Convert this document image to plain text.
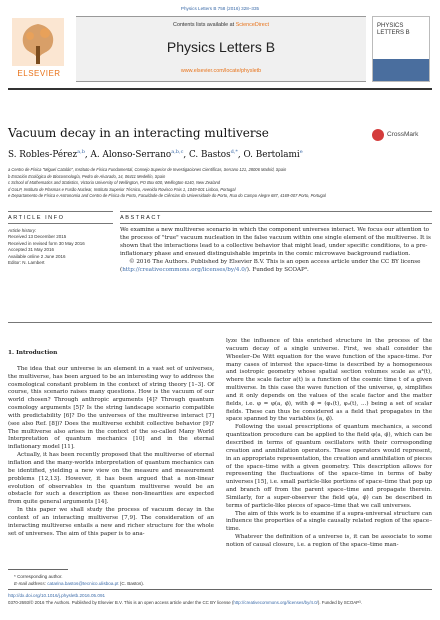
Physics Letters B 758 (2016) 328–335
ELSEVIER
Contents lists available at ScienceDirect
Physics Letters B
www.elsevier.com/locate/physletb
PHYSICS LETTERS B
Vacuum decay in an interacting multiverse	CrossMark
S. Robles-Pérez$^{a,b}$, A. Alonso-Serrano$^{a,b,c}$, C. Bastos$^{d,*}$, O. Bertolami$^e$
a Centro de Física "Miguel Catalán", Instituto de Física Fundamental, Consejo Superior de Investigaciones Científicas, Serrano 121, 28006 Madrid, Spain
b Estación Ecológica de Biocosmología, Pedro de Alvarado, 14, 06411 Medellín, Spain
c School of Mathematics and Statistics, Victoria University of Wellington, PO Box 600, Wellington 6140, New Zealand
d GoLP, Instituto de Plasmas e Fusão Nuclear, Instituto Superior Técnico, Avenida Rovisco Pais 1, 1049-001 Lisboa, Portugal
e Departamento de Física e Astronomia and Centro de Física do Porto, Faculdade de Ciências da Universidade do Porto, Rua do Campo Alegre 687, 4169-007 Porto, Portugal
ARTICLE INFO	ABSTRACT
Article history:
Received 13 December 2015
Received in revised form 30 May 2016
Accepted 31 May 2016
Available online 2 June 2016
Editor: N. Lambert
We examine a new multiverse scenario in which the component universes interact. We focus our attention to the process of "true" vacuum nucleation in the false vacuum within one single element of the multiverse. It is shown that the interactions lead to a collective behavior that might lead, under specific conditions, to a pre-inflationary phase and ensued distinguishable imprints in the comic microwave background radiation.
© 2016 The Authors. Published by Elsevier B.V. This is an open access article under the CC BY license (http://creativecommons.org/licenses/by/4.0/). Funded by SCOAP³.
1. Introduction

The idea that our universe is an element in a vast set of universes, the multiverse, has been argued to be an interesting way to address the cosmological constant problem in the context of string theory [1–3]. Of course, this scenario raises many questions. How is the vacuum of our world chosen? Through anthropic arguments [4]? Through quantum cosmology arguments [5]? Is the string landscape scenario compatible with predictability [6]? Do the universes of the multiverse interact [7] (see also Ref. [8])? Does the multiverse exhibit collective behavior [9]? The multiverse also arises in the context of the so-called Many World Interpretation of quantum mechanics [10] and in the eternal inflationary model [11].

Actually, it has been recently proposed that the multiverse of eternal inflation and the many-worlds interpretation of quantum mechanics can be identified, yielding a new view on the measure and measurement problems [12,13]. However, it has been argued that a non-linear evolution of observables in the quantum multiverse would be an obstacle for such a description as these non-linearities are expected from quite general arguments [14].

In this paper we shall study the process of vacuum decay in the context of an interacting multiverse [7,9]. The consideration of an interacting multiverse entails a new and richer structure for the whole set of universes. The aim of this paper is to ana-

lyze the influence of this enriched structure in the process of the vacuum decay of a single universe. First, we shall consider the Wheeler–De Witt equation for the wave function of the space-time. For many cases of interest the space-time is described by a homogeneous and isotropic geometry whose spatial section volumes scale as a³(t), where the scale factor a(t) is a function of the cosmic time t of a given multiverse. In this case the wave function of the universe, φ, simplifies and it only depends on the values of the scale factor and the matter fields, i.e. φ = φ(a, φ̄), with φ̄ = (φ₁(t), φ₂(t), ...) being a set of scalar fields. These can thus be considered as a field that propagates in the space spanned by the variables (a, φ̄).

Following the usual prescriptions of quantum mechanics, a second quantization procedure can be applied to the field φ(a, φ̄), which can be described in terms of quantum oscillators with their corresponding creation and annihilation operators. These operators would represent, in an appropriate representation, the creation and annihilation of pieces of the space–time with a given geometry. This description allows for representing the fluctuations of the space–time in terms of baby universes [15], i.e. small particle-like portions of space–time that pop up and branch off from the parent space–time and propagate therein. Similarly, for a super-observer the field φ(a, φ̄) can be described in terms of particle-like pieces of space–time that we call universes.

The aim of this work is to examine if a supra-universal structure can influence the properties of a single causally related region of the space–time.

Whatever the definition of a universe is, it can be associate to some notion of causal closure, i.e. a region of the space–time man-

* Corresponding author.
E-mail address: catarina.bastos@tecnico.ulisboa.pt (C. Bastos).
http://dx.doi.org/10.1016/j.physletb.2016.05.091
0370-2693/© 2016 The Authors. Published by Elsevier B.V. This is an open access article under the CC BY license (http://creativecommons.org/licenses/by/4.0/). Funded by SCOAP³.
